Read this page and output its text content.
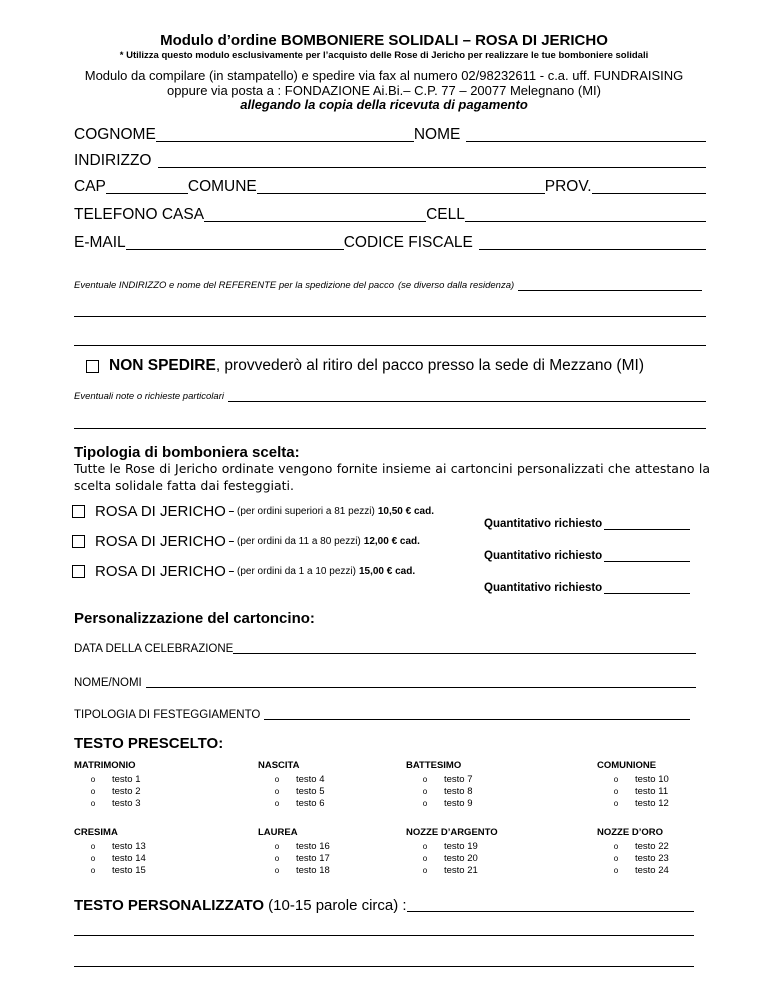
Modulo d’ordine BOMBONIERE SOLIDALI – ROSA DI JERICHO
* Utilizza questo modulo esclusivamente per l’acquisto delle Rose di Jericho per realizzare le tue bomboniere solidali
Modulo da compilare (in stampatello) e spedire via fax al numero 02/98232611 - c.a. uff. FUNDRAISING
oppure via posta a : FONDAZIONE Ai.Bi.– C.P. 77 – 20077 Melegnano (MI)
allegando la copia della ricevuta di pagamento
COGNOME	NOME
INDIRIZZO
CAP	COMUNE	PROV.
TELEFONO CASA	CELL
E-MAIL	CODICE FISCALE
Eventuale INDIRIZZO e nome del REFERENTE per la spedizione del pacco (se diverso dalla residenza)
NON SPEDIRE , provvederò al ritiro del pacco presso la sede di Mezzano (MI)
Eventuali note o richieste particolari
Tipologia di bomboniera scelta:
Tutte le Rose di Jericho ordinate vengono fornite insieme ai cartoncini personalizzati che attestano la scelta solidale fatta dai festeggiati.
ROSA DI JERICHO – (per ordini superiori a 81 pezzi) 10,50 € cad.
Quantitativo richiesto
ROSA DI JERICHO – (per ordini da 11 a 80 pezzi) 12,00 € cad.
Quantitativo richiesto
ROSA DI JERICHO – (per ordini da 1 a 10 pezzi) 15,00 € cad.
Quantitativo richiesto
Personalizzazione del cartoncino:
DATA DELLA CELEBRAZIONE
NOME/NOMI
TIPOLOGIA DI FESTEGGIAMENTO
TESTO PRESCELTO:
MATRIMONIO
o	testo 1
o	testo 2
o	testo 3
NASCITA
o	testo 4
o	testo 5
o	testo 6
BATTESIMO
o	testo 7
o	testo 8
o	testo 9
COMUNIONE
o	testo 10
o	testo 11
o	testo 12
CRESIMA
o	testo 13
o	testo 14
o	testo 15
LAUREA
o	testo 16
o	testo 17
o	testo 18
NOZZE D’ARGENTO
o	testo 19
o	testo 20
o	testo 21
NOZZE D’ORO
o	testo 22
o	testo 23
o	testo 24
TESTO PERSONALIZZATO (10-15 parole circa) :
